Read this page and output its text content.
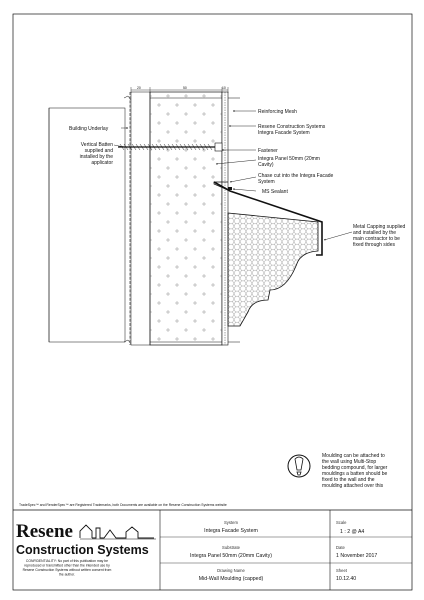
20	50	10
Reinforcing Mesh
Building Underlay	Resene Construction Systems
Integra Facade System
Vertical Batten
supplied and
installed by the
applicator
Fastener
Integra Panel 50mm (20mm
Cavity)
Chase cut into the Integra Facade
System
MS Sealant
Metal Capping supplied
and installed by the
main contractor to be
fixed through sides
Moulding can be attached to
the wall using Multi-Stop
bedding compound, for larger
mouldings a batten should be
fixed to the wall and the
moulding attached over this
TradeSpec™ and RenderSpec™ are Registered Trademarks, both Documents are available on the Resene Construction Systems website
Resene
Construction Systems
CONFIDENTIALITY: No part of this publication may be
reproduced or transmitted other than the intended use by
Resene Construction Systems without written consent from
the author.
System
Integra Facade System
Substrate
Integra Panel 50mm (20mm Cavity)
Drawing Name
Mid-Wall Moulding (capped)
Scale
1 : 2 @ A4
Date
1 November 2017
Sheet
10.12.40
